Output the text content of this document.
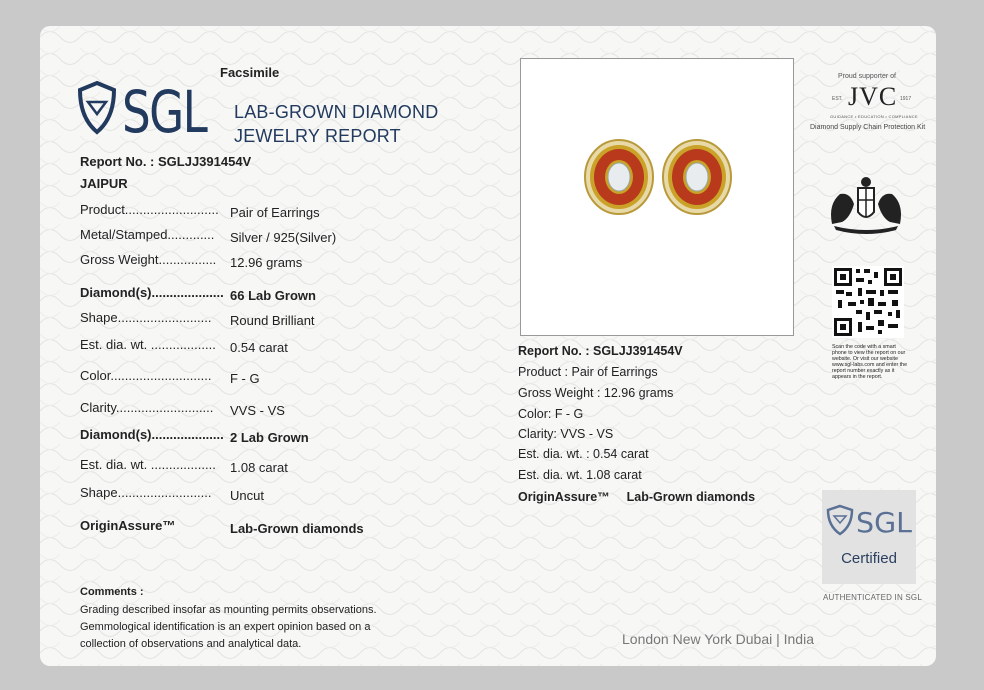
Facsimile
SGL LAB-GROWN DIAMOND
JEWELRY REPORT
Report No. : SGLJJ391454V
JAIPUR
Product.......................... Pair of Earrings
Metal/Stamped............. Silver / 925(Silver)
Gross Weight................ 12.96 grams
Diamond(s).................... 66 Lab Grown
Shape.......................... Round Brilliant
Est. dia. wt. .................. 0.54 carat
Color............................ F - G
Clarity........................... VVS - VS
Diamond(s).................... 2 Lab Grown
Est. dia. wt. .................. 1.08 carat
Shape.......................... Uncut
OriginAssure™	Lab-Grown diamonds
Comments :
Grading described insofar as mounting permits observations.
Gemmological identification is an expert opinion based on a
collection of observations and analytical data.
Report No. : SGLJJ391454V
Product : Pair of Earrings
Gross Weight : 12.96 grams
Color: F - G
Clarity: VVS - VS
Est. dia. wt. : 0.54 carat
Est. dia. wt. 1.08 carat
OriginAssure™ Lab-Grown diamonds
Proud supporter of
JVC
EST.	1917
GUIDANCE • EDUCATION • COMPLIANCE
Diamond Supply Chain Protection Kit
Scan the code with a smart phone to view the report on our website. Or visit our website www.sgl-labs.com and enter the report number exactly as it appears in the report.
SGL
Certified
AUTHENTICATED IN SGL
London New York Dubai | India
